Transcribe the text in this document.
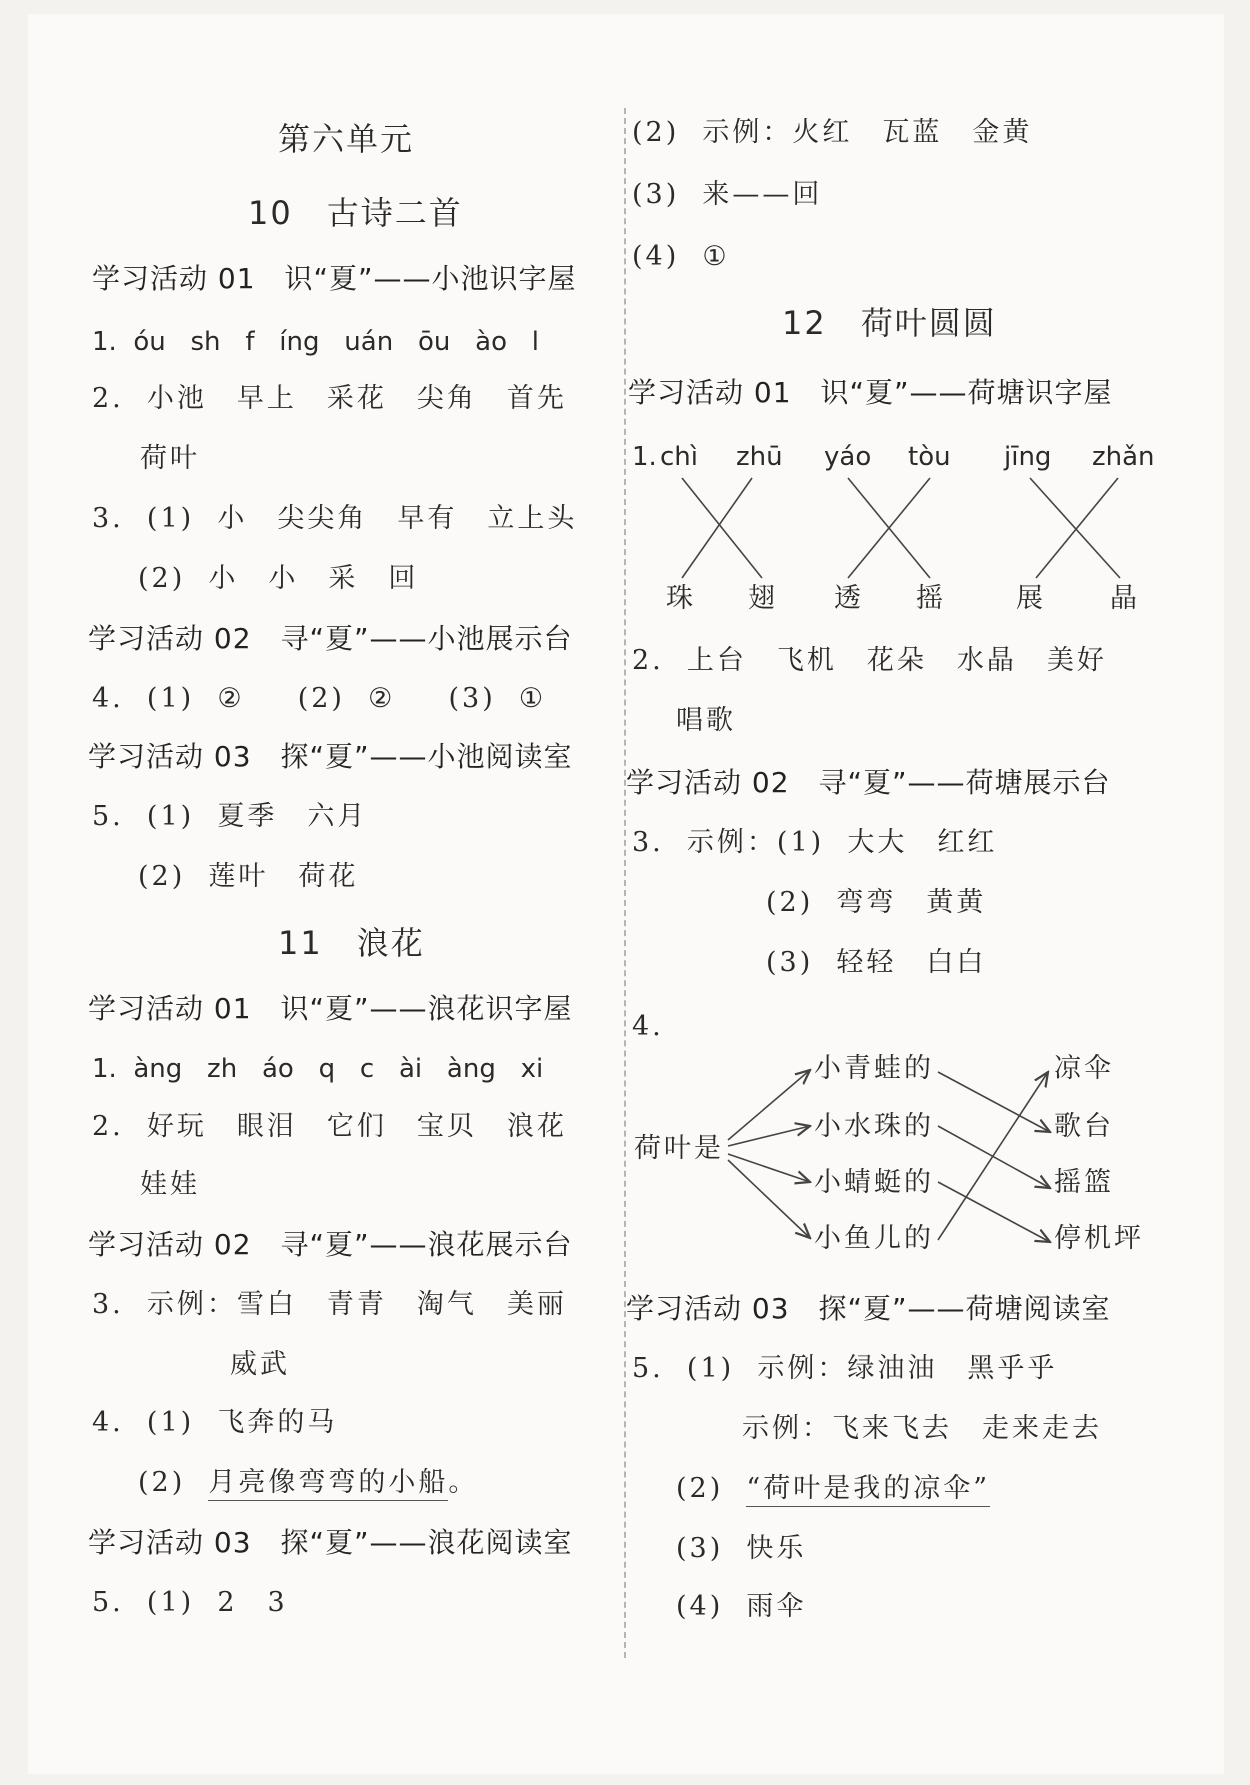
第六单元
10　古诗二首
学习活动 01　识“夏”——小池识字屋
1.  óu   sh   f   íng   uán   ōu   ào   l
2.  小池　早上　采花　尖角　首先
荷叶
3.  (1)  小　尖尖角　早有　立上头
(2)  小　小　采　回
学习活动 02　寻“夏”——小池展示台
4.  (1)  ②　  (2)  ②　  (3)  ①
学习活动 03　探“夏”——小池阅读室
5.  (1)  夏季　六月
(2)  莲叶　荷花
11　浪花
学习活动 01　识“夏”——浪花识字屋
1.  àng   zh   áo   q   c   ài   àng   xi
2.  好玩　眼泪　它们　宝贝　浪花
娃娃
学习活动 02　寻“夏”——浪花展示台
3.  示例：雪白　青青　淘气　美丽
威武
4.  (1)  飞奔的马
(2) 月亮像弯弯的小船。
学习活动 03　探“夏”——浪花阅读室
5.  (1)  2　3
(2)  示例：火红　瓦蓝　金黄
(3)  来——回
(4)  ①
12　荷叶圆圆
学习活动 01　识“夏”——荷塘识字屋
1. chì zhū yáo tòu jīng zhǎn
珠 翅 透 摇	展 晶
2.  上台　飞机　花朵　水晶　美好
唱歌
学习活动 02　寻“夏”——荷塘展示台
3.  示例：(1)  大大　红红
(2)  弯弯　黄黄
(3)  轻轻　白白
4.
荷叶是
小青蛙的
小水珠的
小蜻蜓的
小鱼儿的
凉伞
歌台
摇篮
停机坪
学习活动 03　探“夏”——荷塘阅读室
5.  (1)  示例：绿油油　黑乎乎
示例：飞来飞去　走来走去
(2) “荷叶是我的凉伞”
(3)  快乐
(4)  雨伞
